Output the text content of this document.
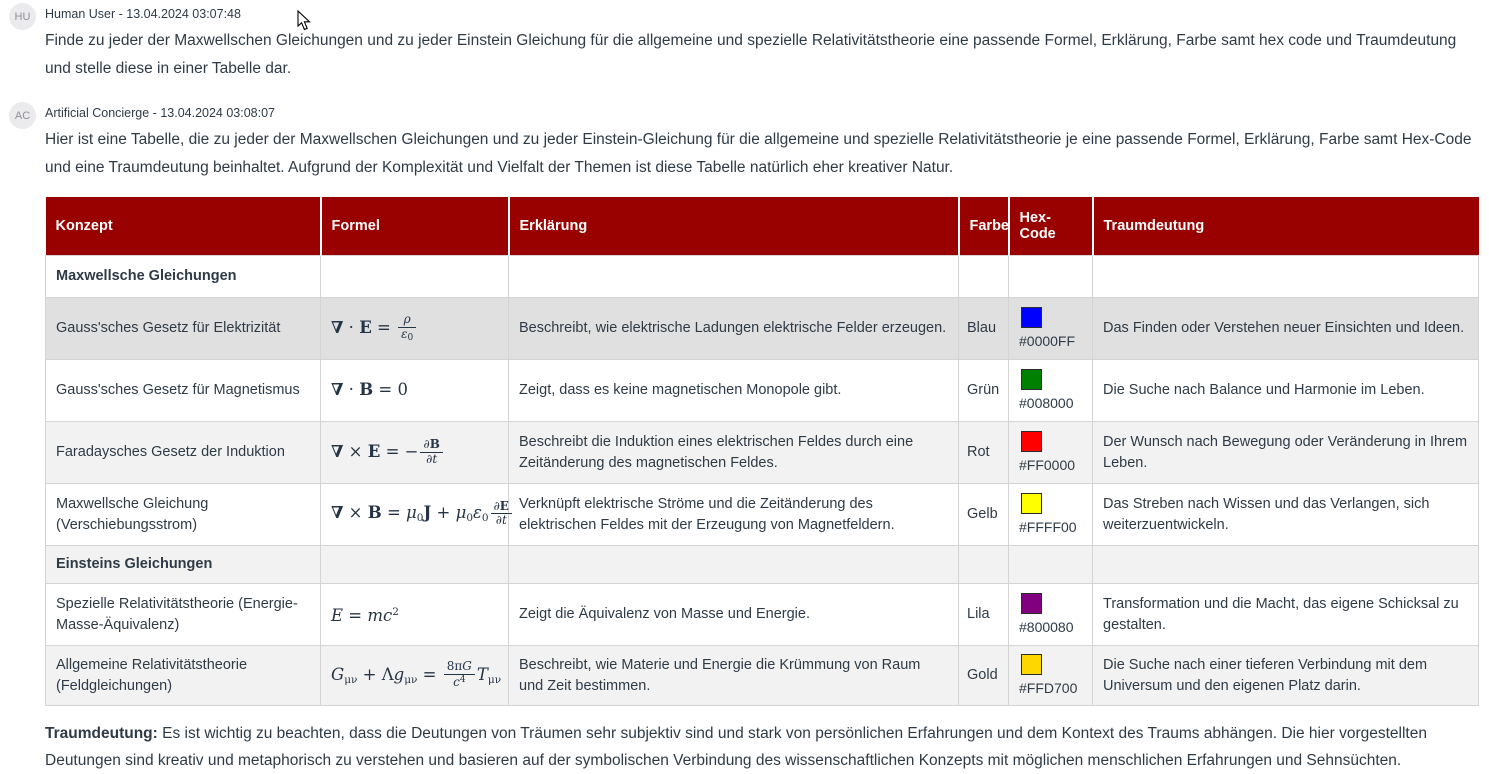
HU	Human User - 13.04.2024 03:07:48
Finde zu jeder der Maxwellschen Gleichungen und zu jeder Einstein Gleichung für die allgemeine und spezielle Relativitätstheorie eine passende Formel, Erklärung, Farbe samt hex code und Traumdeutung und stelle diese in einer Tabelle dar.
AC	Artificial Concierge - 13.04.2024 03:08:07
Hier ist eine Tabelle, die zu jeder der Maxwellschen Gleichungen und zu jeder Einstein-Gleichung für die allgemeine und spezielle Relativitätstheorie je eine passende Formel, Erklärung, Farbe samt Hex-Code und eine Traumdeutung beinhaltet. Aufgrund der Komplexität und Vielfalt der Themen ist diese Tabelle natürlich eher kreativer Natur.
Konzept	Formel	Erklärung	Farbe	Hex-Code	Traumdeutung
Maxwellsche Gleichungen					
Gauss'sches Gesetz für Elektrizität	∇ · $E = \frac{\rho}{\varepsilon 0}$	Beschreibt, wie elektrische Ladungen elektrische Felder erzeugen.	Blau	#0000FF	Das Finden oder Verstehen neuer Einsichten und Ideen.
Gauss'sches Gesetz für Magnetismus	∇ · B = 0	Zeigt, dass es keine magnetischen Monopole gibt.	Grün	#008000	Die Suche nach Balance und Harmonie im Leben.
Faradaysches Gesetz der Induktion	∇ × E = − $\frac{\partial B}{\partial t}$	Beschreibt die Induktion eines elektrischen Feldes durch eine Zeitänderung des magnetischen Feldes.	Rot	#FF0000	Der Wunsch nach Bewegung oder Veränderung in Ihrem Leben.
Maxwellsche Gleichung (Verschiebungsstrom)	∇ × $B = \mu 0J + \mu 0\varepsilon 0 \frac{\partial E}{\partial t}$	Verknüpft elektrische Ströme und die Zeitänderung des elektrischen Feldes mit der Erzeugung von Magnetfeldern.	Gelb	#FFFF00	Das Streben nach Wissen und das Verlangen, sich weiterzuentwickeln.
Einsteins Gleichungen					
Spezielle Relativitätstheorie (Energie-Masse-Äquivalenz)	$E = mc^2$	Zeigt die Äquivalenz von Masse und Energie.	Lila	#800080	Transformation und die Macht, das eigene Schicksal zu gestalten.
Allgemeine Relativitätstheorie (Feldgleichungen)	$G\mu\nu + \Lambda g\mu\nu = \frac{8\pi G}{c^4}$ Tμν	Beschreibt, wie Materie und Energie die Krümmung von Raum und Zeit bestimmen.	Gold	#FFD700	Die Suche nach einer tieferen Verbindung mit dem Universum und den eigenen Platz darin.
Traumdeutung: Es ist wichtig zu beachten, dass die Deutungen von Träumen sehr subjektiv sind und stark von persönlichen Erfahrungen und dem Kontext des Traums abhängen. Die hier vorgestellten Deutungen sind kreativ und metaphorisch zu verstehen und basieren auf der symbolischen Verbindung des wissenschaftlichen Konzepts mit möglichen menschlichen Erfahrungen und Sehnsüchten.
